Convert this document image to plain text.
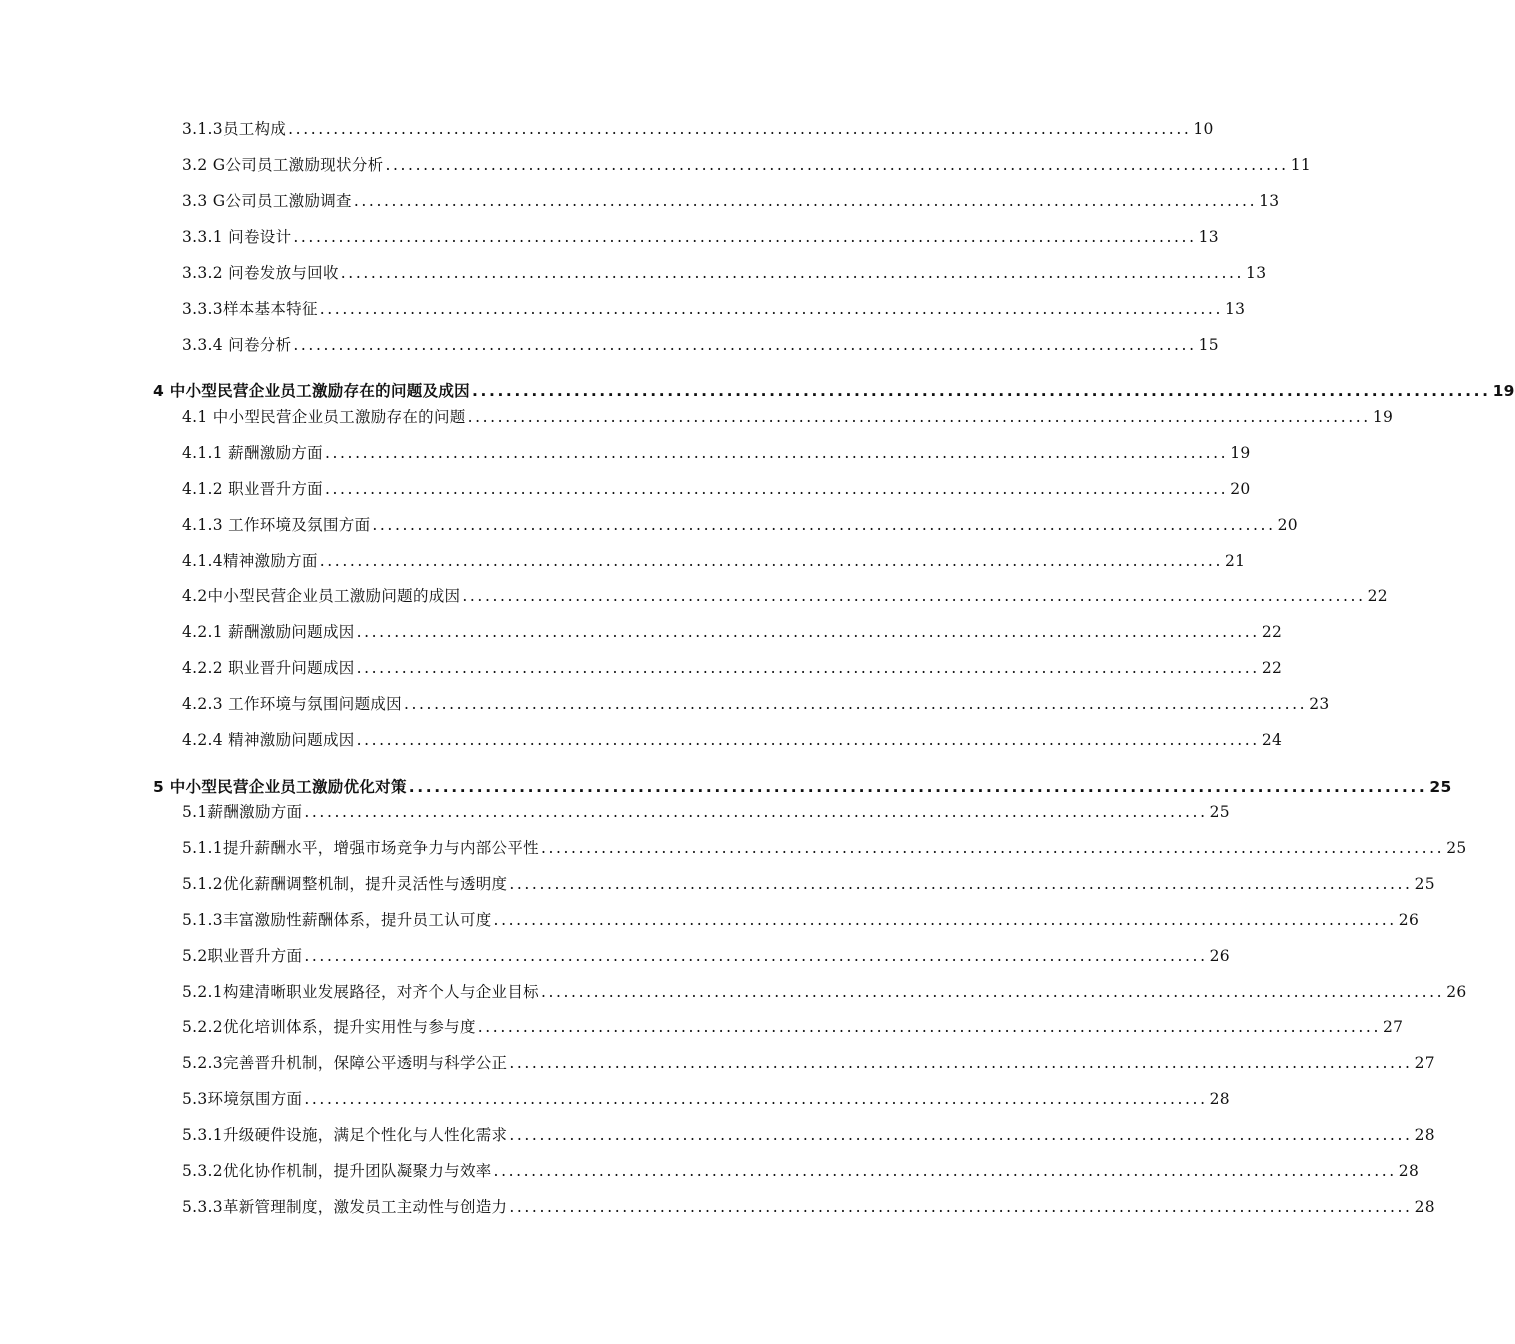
3.1.3员工构成 ........................................................................................................................ 10
3.2 G公司员工激励现状分析 ........................................................................................................................ 11
3.3 G公司员工激励调查 ........................................................................................................................ 13
3.3.1 问卷设计 ........................................................................................................................ 13
3.3.2 问卷发放与回收 ........................................................................................................................ 13
3.3.3样本基本特征 ........................................................................................................................ 13
3.3.4 问卷分析 ........................................................................................................................ 15
4 中小型民营企业员工激励存在的问题及成因 ........................................................................................................................ 19
4.1 中小型民营企业员工激励存在的问题 ........................................................................................................................ 19
4.1.1 薪酬激励方面 ........................................................................................................................ 19
4.1.2 职业晋升方面 ........................................................................................................................ 20
4.1.3 工作环境及氛围方面 ........................................................................................................................ 20
4.1.4精神激励方面 ........................................................................................................................ 21
4.2中小型民营企业员工激励问题的成因 ........................................................................................................................ 22
4.2.1 薪酬激励问题成因 ........................................................................................................................ 22
4.2.2 职业晋升问题成因 ........................................................................................................................ 22
4.2.3 工作环境与氛围问题成因 ........................................................................................................................ 23
4.2.4 精神激励问题成因 ........................................................................................................................ 24
5 中小型民营企业员工激励优化对策 ........................................................................................................................ 25
5.1薪酬激励方面 ........................................................................................................................ 25
5.1.1提升薪酬水平，增强市场竞争力与内部公平性 ........................................................................................................................ 25
5.1.2优化薪酬调整机制，提升灵活性与透明度 ........................................................................................................................ 25
5.1.3丰富激励性薪酬体系，提升员工认可度 ........................................................................................................................ 26
5.2职业晋升方面 ........................................................................................................................ 26
5.2.1构建清晰职业发展路径，对齐个人与企业目标 ........................................................................................................................ 26
5.2.2优化培训体系，提升实用性与参与度 ........................................................................................................................ 27
5.2.3完善晋升机制，保障公平透明与科学公正 ........................................................................................................................ 27
5.3环境氛围方面 ........................................................................................................................ 28
5.3.1升级硬件设施，满足个性化与人性化需求 ........................................................................................................................ 28
5.3.2优化协作机制，提升团队凝聚力与效率 ........................................................................................................................ 28
5.3.3革新管理制度，激发员工主动性与创造力 ........................................................................................................................ 28
